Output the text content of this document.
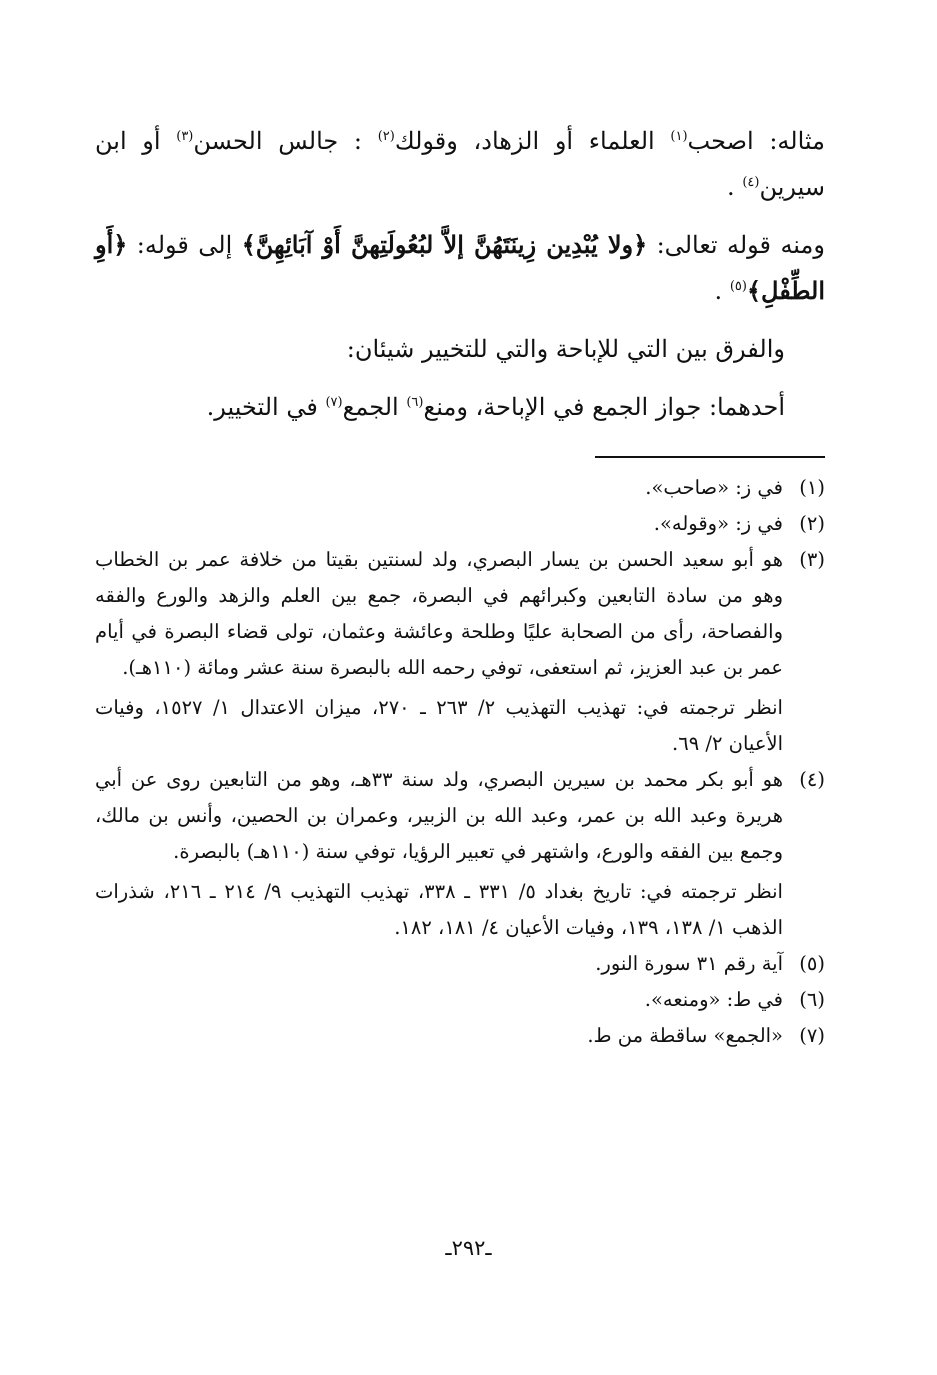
مثاله: اصحب$^{(١)}$ العلماء أو الزهاد، وقولك$^{(٢)}$ : جالس الحسن$^{(٣)}$ أو ابن سيرين$^{(٤)}$ .

ومنه قوله تعالى: ﴿ولا يُبْدِين زِينَتَهُنَّ إلاَّ لبُعُولَتِهنَّ أَوْ آبَائِهِنَّ﴾ إلى قوله: ﴿أَوِ الطِّفْلِ﴾$^{(٥)}$ .

والفرق بين التي للإباحة والتي للتخيير شيئان:

أحدهما: جواز الجمع في الإباحة، ومنع$^{(٦)}$ الجمع$^{(٧)}$ في التخيير.

(١)

في ز: «صاحب».

(٢)

في ز: «وقوله».

(٣)

هو أبو سعيد الحسن بن يسار البصري، ولد لسنتين بقيتا من خلافة عمر بن الخطاب وهو من سادة التابعين وكبرائهم في البصرة، جمع بين العلم والزهد والورع والفقه والفصاحة، رأى من الصحابة عليًا وطلحة وعائشة وعثمان، تولى قضاء البصرة في أيام عمر بن عبد العزيز، ثم استعفى، توفي رحمه الله بالبصرة سنة عشر ومائة (١١٠هـ).

انظر ترجمته في: تهذيب التهذيب ٢/ ٢٦٣ ـ ٢٧٠، ميزان الاعتدال ١/ ١٥٢٧، وفيات الأعيان ٢/ ٦٩.

(٤)

هو أبو بكر محمد بن سيرين البصري، ولد سنة ٣٣هـ، وهو من التابعين روى عن أبي هريرة وعبد الله بن عمر، وعبد الله بن الزبير، وعمران بن الحصين، وأنس بن مالك، وجمع بين الفقه والورع، واشتهر في تعبير الرؤيا، توفي سنة (١١٠هـ) بالبصرة.

انظر ترجمته في: تاريخ بغداد ٥/ ٣٣١ ـ ٣٣٨، تهذيب التهذيب ٩/ ٢١٤ ـ ٢١٦، شذرات الذهب ١/ ١٣٨، ١٣٩، وفيات الأعيان ٤/ ١٨١، ١٨٢.

(٥)

آية رقم ٣١ سورة النور.

(٦)

في ط: «ومنعه».

(٧)

«الجمع» ساقطة من ط.

ـ٢٩٢ـ
